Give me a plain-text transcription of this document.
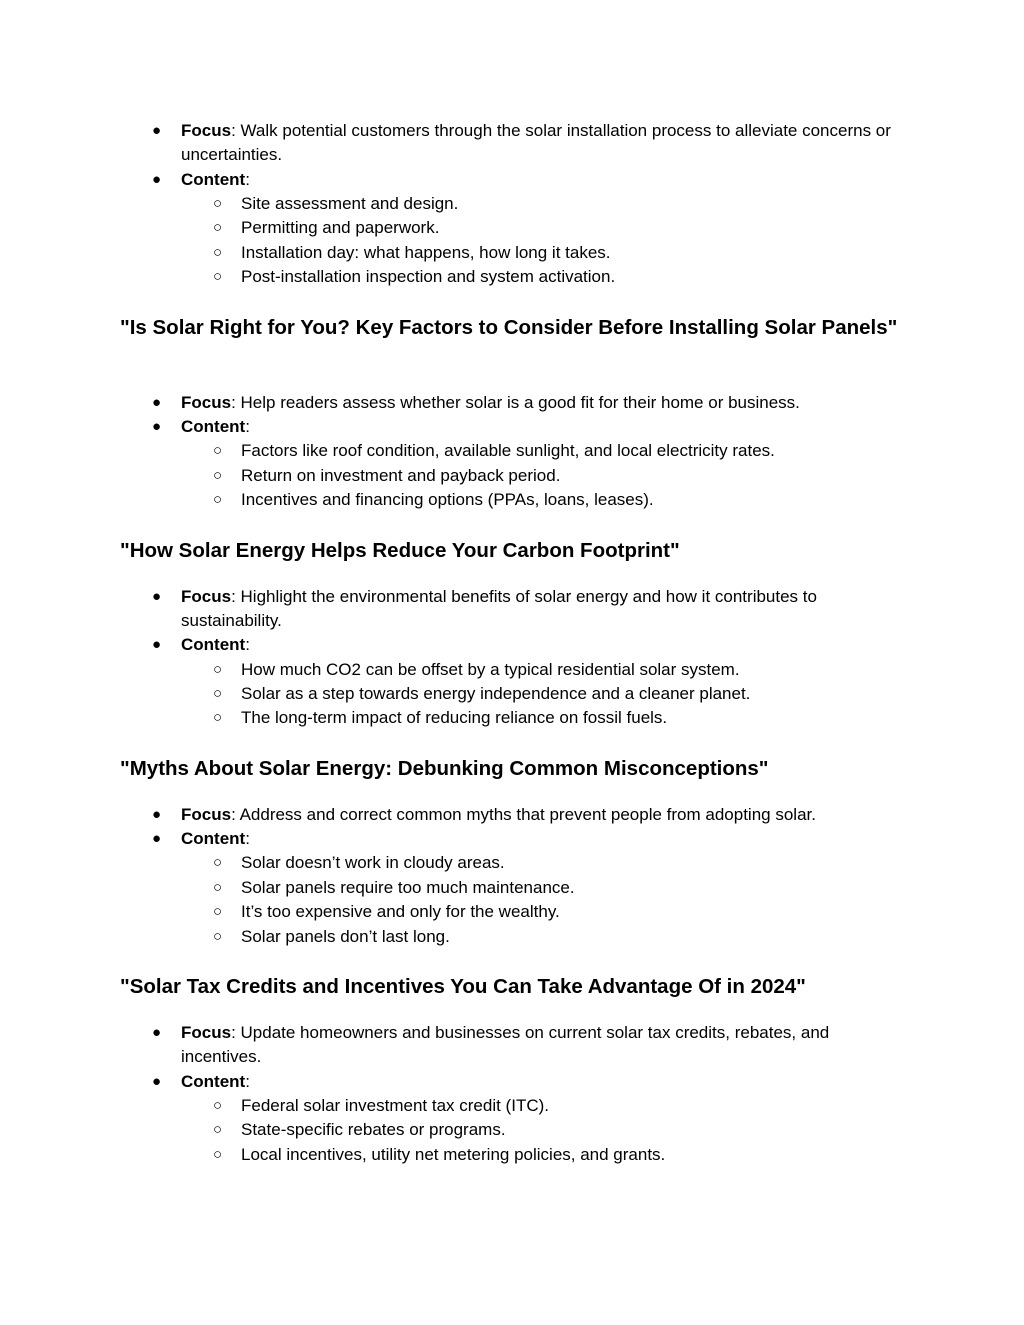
● Focus: Walk potential customers through the solar installation process to alleviate concerns or uncertainties.
● Content:
○ Site assessment and design.
○ Permitting and paperwork.
○ Installation day: what happens, how long it takes.
○ Post-installation inspection and system activation.
"Is Solar Right for You? Key Factors to Consider Before Installing Solar Panels"
● Focus: Help readers assess whether solar is a good fit for their home or business.
● Content:
○ Factors like roof condition, available sunlight, and local electricity rates.
○ Return on investment and payback period.
○ Incentives and financing options (PPAs, loans, leases).
"How Solar Energy Helps Reduce Your Carbon Footprint"
● Focus: Highlight the environmental benefits of solar energy and how it contributes to sustainability.
● Content:
○ How much CO2 can be offset by a typical residential solar system.
○ Solar as a step towards energy independence and a cleaner planet.
○ The long-term impact of reducing reliance on fossil fuels.
"Myths About Solar Energy: Debunking Common Misconceptions"
● Focus: Address and correct common myths that prevent people from adopting solar.
● Content:
○ Solar doesn’t work in cloudy areas.
○ Solar panels require too much maintenance.
○ It’s too expensive and only for the wealthy.
○ Solar panels don’t last long.
"Solar Tax Credits and Incentives You Can Take Advantage Of in 2024"
● Focus: Update homeowners and businesses on current solar tax credits, rebates, and incentives.
● Content:
○ Federal solar investment tax credit (ITC).
○ State-specific rebates or programs.
○ Local incentives, utility net metering policies, and grants.
